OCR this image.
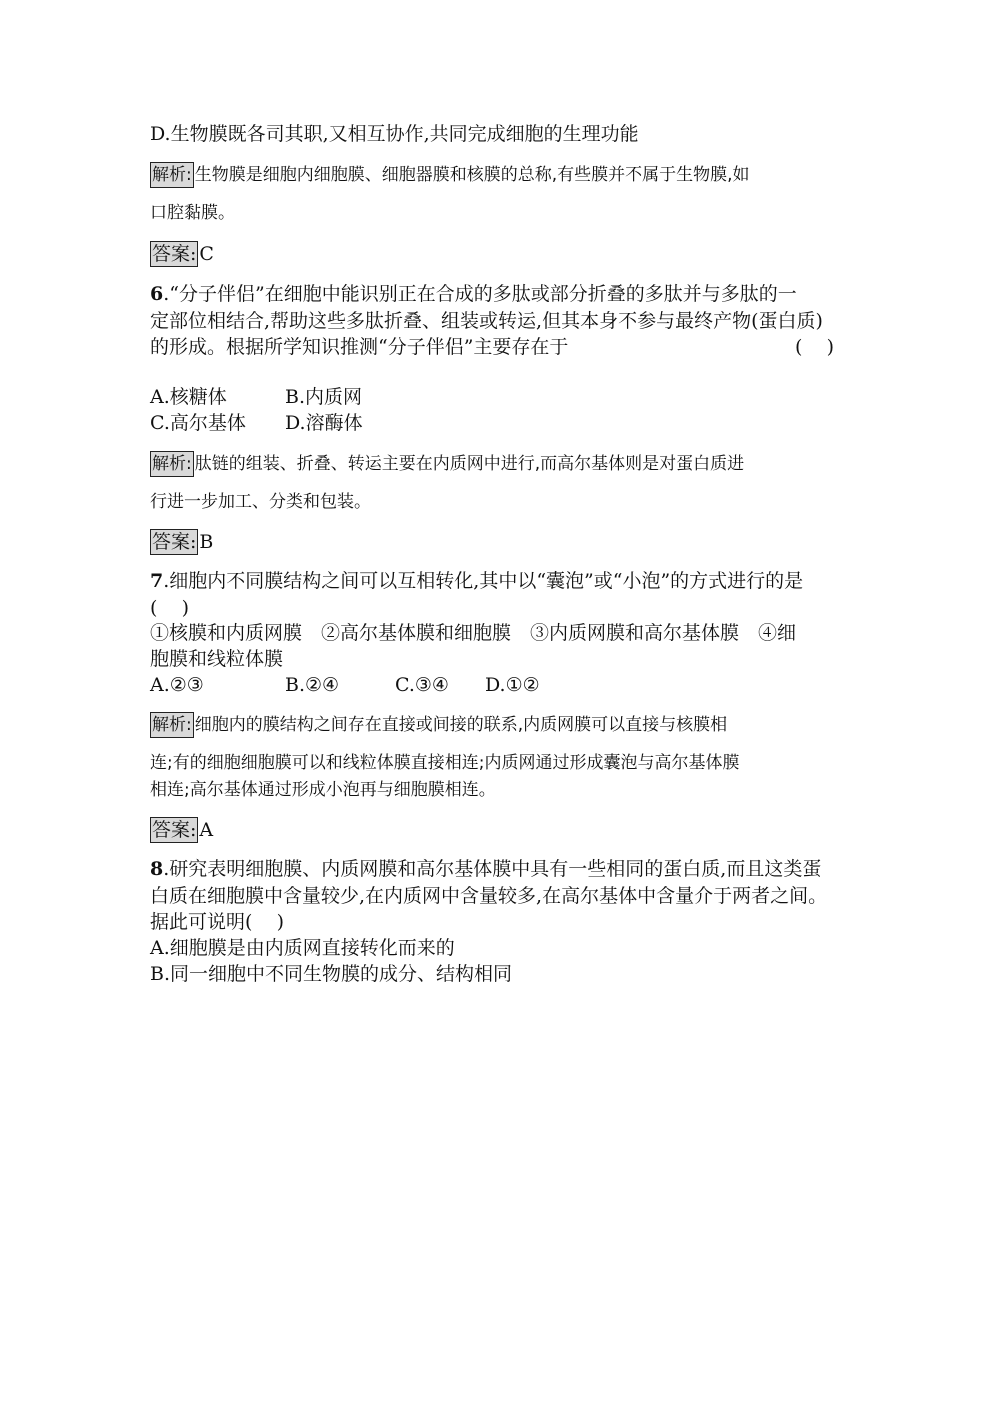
D.生物膜既各司其职,又相互协作,共同完成细胞的生理功能
解析: 生物膜是细胞内细胞膜、细胞器膜和核膜的总称,有些膜并不属于生物膜,如
口腔黏膜。
答案: C
6.“分子伴侣”在细胞中能识别正在合成的多肽或部分折叠的多肽并与多肽的一
定部位相结合,帮助这些多肽折叠、组装或转运,但其本身不参与最终产物(蛋白质)
的形成。根据所学知识推测“分子伴侣”主要存在于	(    )
A.核糖体	B.内质网
C.高尔基体 D.溶酶体
解析: 肽链的组装、折叠、转运主要在内质网中进行,而高尔基体则是对蛋白质进
行进一步加工、分类和包装。
答案: B
7.细胞内不同膜结构之间可以互相转化,其中以“囊泡”或“小泡”的方式进行的是
(    )
①核膜和内质网膜　②高尔基体膜和细胞膜　③内质网膜和高尔基体膜　④细
胞膜和线粒体膜
A.②③	B.②④	C.③④ D.①②
解析: 细胞内的膜结构之间存在直接或间接的联系,内质网膜可以直接与核膜相
连;有的细胞细胞膜可以和线粒体膜直接相连;内质网通过形成囊泡与高尔基体膜
相连;高尔基体通过形成小泡再与细胞膜相连。
答案: A
8.研究表明细胞膜、内质网膜和高尔基体膜中具有一些相同的蛋白质,而且这类蛋
白质在细胞膜中含量较少,在内质网中含量较多,在高尔基体中含量介于两者之间。
据此可说明(    )
A.细胞膜是由内质网直接转化而来的
B.同一细胞中不同生物膜的成分、结构相同
